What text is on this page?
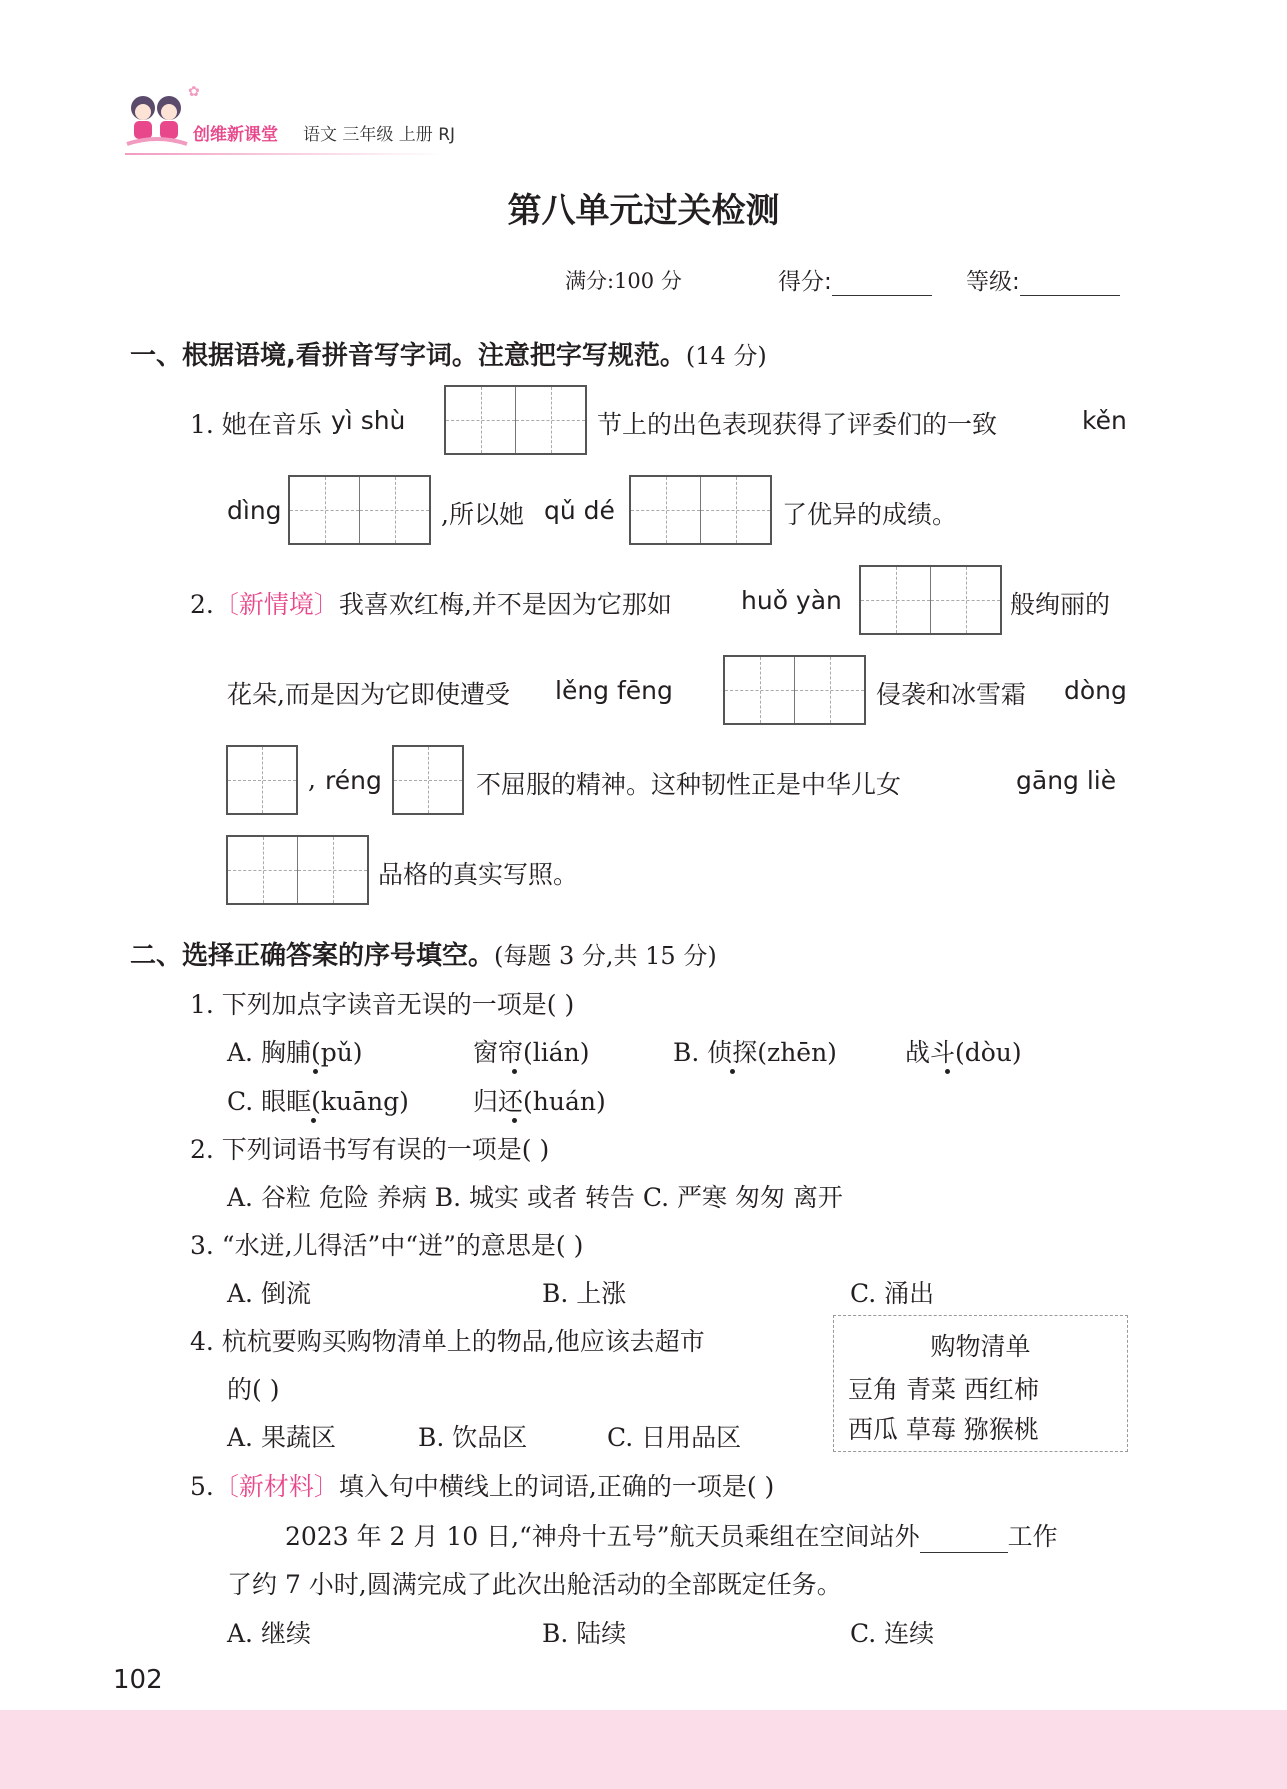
✿
创维新课堂 语文 三年级 上册 RJ
第八单元过关检测
满分:100 分	得分:	等级:
一、根据语境,看拼音写字词。注意把字写规范。(14 分)
1. 她在音乐 yì shù	节上的出色表现获得了评委们的一致	kěn
dìng	,所以她 qǔ dé	了优异的成绩。
2.〔新情境〕我喜欢红梅,并不是因为它那如	huǒ yàn	般绚丽的
花朵,而是因为它即使遭受 lěng fēng	侵袭和冰雪霜 dòng
, réng	不屈服的精神。这种韧性正是中华儿女	gāng liè
品格的真实写照。
二、选择正确答案的序号填空。(每题 3 分,共 15 分)
1. 下列加点字读音无误的一项是( )
A. 胸脯(pǔ)	窗帘(lián)	B. 侦探(zhēn)	战斗(dòu)
C. 眼眶(kuāng)	归还(huán)
2. 下列词语书写有误的一项是( )
A. 谷粒 危险 养病 B. 城实 或者 转告 C. 严寒 匆匆 离开
3. “水迸,儿得活”中“迸”的意思是( )
A. 倒流	B. 上涨	C. 涌出
4. 杭杭要购买购物清单上的物品,他应该去超市
的( )
A. 果蔬区	B. 饮品区	C. 日用品区
购物清单
豆角 青菜 西红柿
西瓜 草莓 猕猴桃
5.〔新材料〕填入句中横线上的词语,正确的一项是( )
2023 年 2 月 10 日,“神舟十五号”航天员乘组在空间站外	工作
了约 7 小时,圆满完成了此次出舱活动的全部既定任务。
A. 继续	B. 陆续	C. 连续
102
